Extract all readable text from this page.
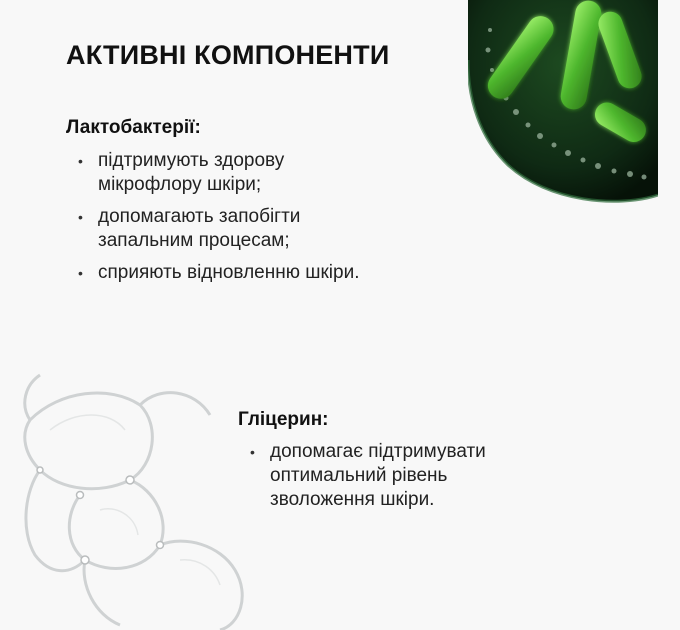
АКТИВНІ КОМПОНЕНТИ
Лактобактерії:
• підтримують здорову
мікрофлору шкіри;
• допомагають запобігти
запальним процесам;
• сприяють відновленню шкіри.
Гліцерин:
• допомагає підтримувати
оптимальний рівень
зволоження шкіри.
